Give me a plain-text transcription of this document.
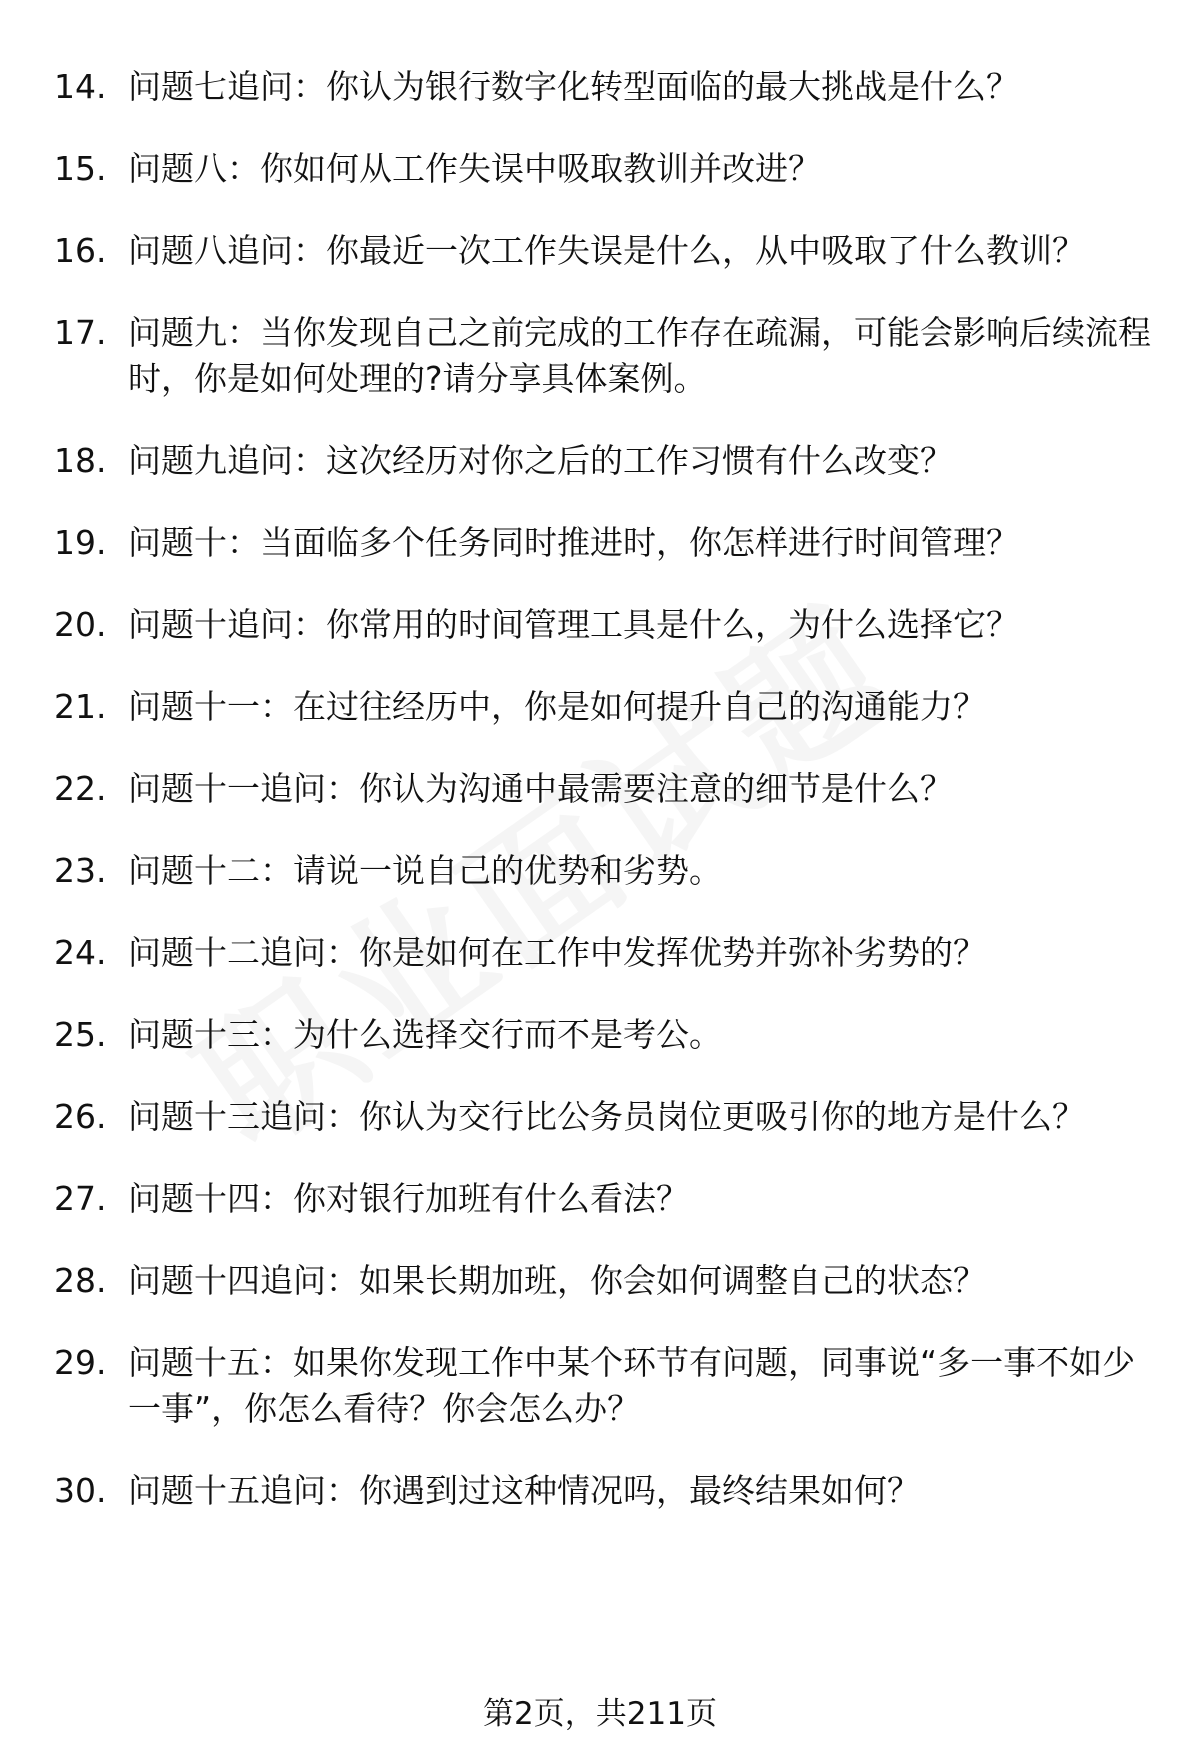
14. 问题七追问：你认为银行数字化转型面临的最大挑战是什么？
15. 问题八：你如何从工作失误中吸取教训并改进？
16. 问题八追问：你最近一次工作失误是什么，从中吸取了什么教训？
17. 问题九：当你发现自己之前完成的工作存在疏漏，可能会影响后续流程时，你是如何处理的?请分享具体案例。
18. 问题九追问：这次经历对你之后的工作习惯有什么改变？
19. 问题十：当面临多个任务同时推进时，你怎样进行时间管理？
20. 问题十追问：你常用的时间管理工具是什么，为什么选择它？
21. 问题十一：在过往经历中，你是如何提升自己的沟通能力？
22. 问题十一追问：你认为沟通中最需要注意的细节是什么？
23. 问题十二：请说一说自己的优势和劣势。
24. 问题十二追问：你是如何在工作中发挥优势并弥补劣势的？
25. 问题十三：为什么选择交行而不是考公。
26. 问题十三追问：你认为交行比公务员岗位更吸引你的地方是什么？
27. 问题十四：你对银行加班有什么看法？
28. 问题十四追问：如果长期加班，你会如何调整自己的状态？
29. 问题十五：如果你发现工作中某个环节有问题，同事说“多一事不如少一事”，你怎么看待？你会怎么办？
30. 问题十五追问：你遇到过这种情况吗，最终结果如何？
第2页，共211页
